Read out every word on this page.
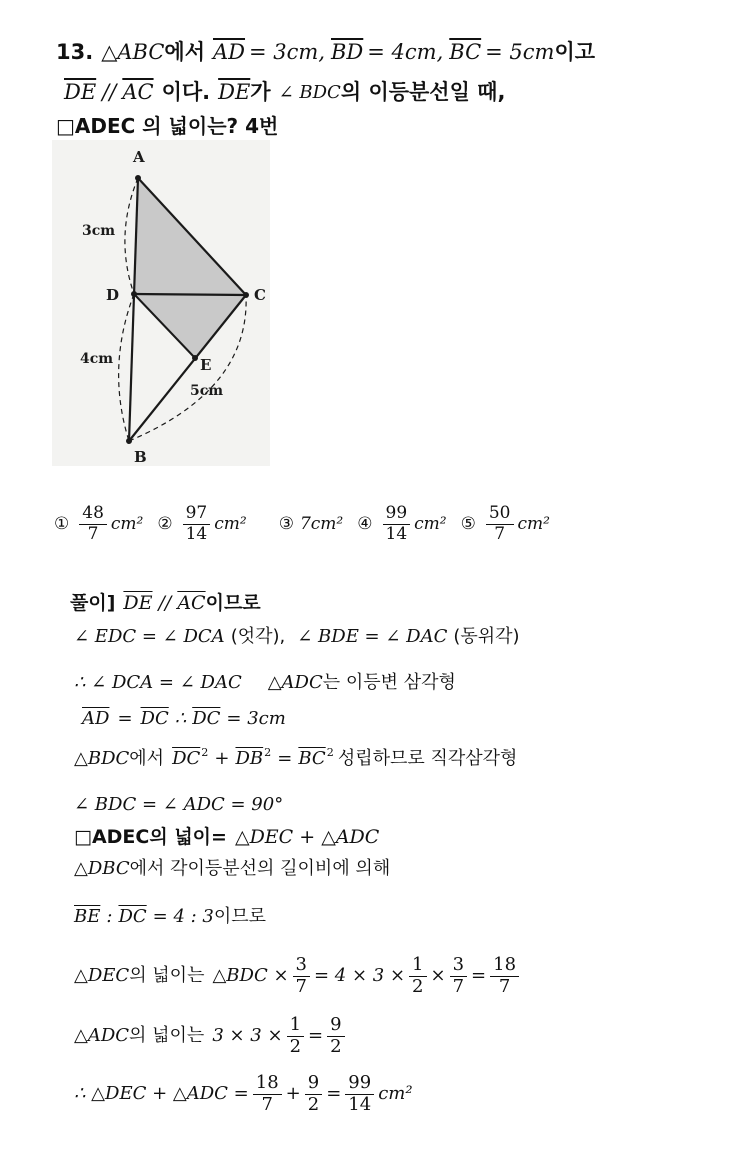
13. △ABC 에서 $\overline{AD} = 3cm$, $\overline{BD} = 4cm$, $\overline{BC} = 5cm$ 이고
$\overline{DE} // \overline{AC}$ 이다. $\overline{DE}$ 가 ∠ BDC 의 이등분선일 때,
□ADEC 의 넓이는? 4번
A
D	C
E
B
3cm
4cm
5cm
①
48
7 cm² ②
97
14 cm² ③ 7cm² ④
99
14 cm² ⑤
50
7 cm²
풀이] $\overline{DE} // \overline{AC}$ 이므로
∠ EDC = ∠ DCA (엇각), ∠ BDE = ∠ DAC (동위각)
∴ ∠ DCA = ∠ DAC △ADC 는 이등변 삼각형
$\overline{AD} = \overline{DC}$ ∴ $\overline{DC} = 3cm$
△BDC 에서 $\overline{DC}$ $2 + \overline{DB}$ $2 = \overline{BC}$ 2 성립하므로 직각삼각형
∠ BDC = ∠ ADC = 90°
□ADEC의 넓이= △DEC + △ADC
△DBC 에서 각이등분선의 길이비에 의해
$\overline{BE}$ : $\overline{DC} = 4$ : 3 이므로
△DEC 의 넓이는 △BDC × $\frac{3}{7} = 4 \times 3 \times \frac{1}{2} \times \frac{3}{7} = \frac{18}{7}$
△ADC 의 넓이는 $3 \times 3 \times \frac{1}{2} = \frac{9}{2}$
∴ △DEC + △ADC = $\frac{18}{7} + \frac{9}{2} = \frac{99}{14} cm^2$
